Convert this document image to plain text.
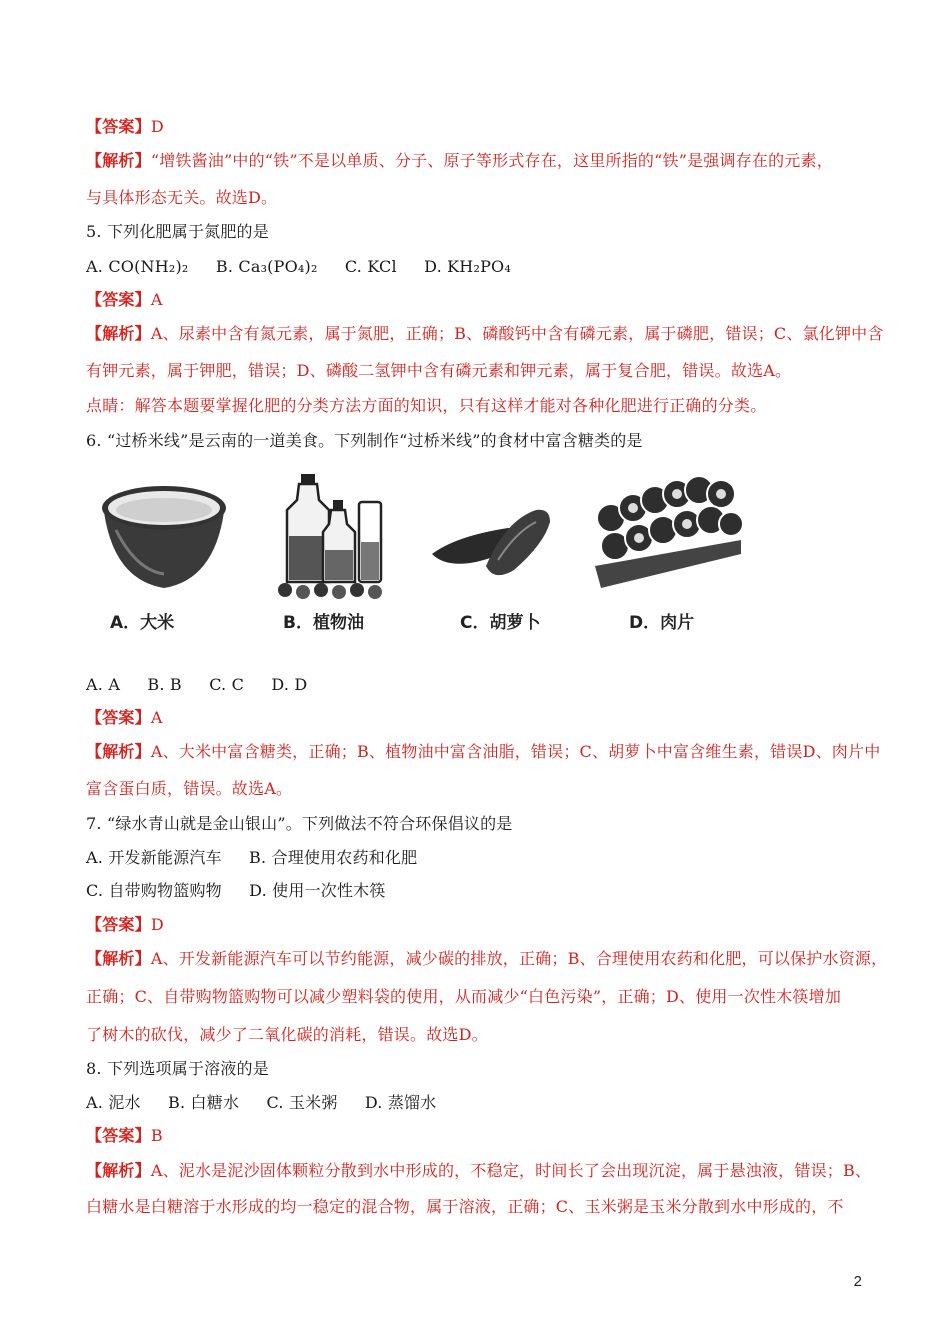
【答案】D
【解析】“增铁酱油”中的“铁”不是以单质、分子、原子等形式存在，这里所指的“铁”是强调存在的元素，
与具体形态无关。故选D。
5. 下列化肥属于氮肥的是
A. CO(NH₂)₂ B. Ca₃(PO₄)₂ C. KCl D. KH₂PO₄
【答案】A
【解析】A、尿素中含有氮元素，属于氮肥，正确；B、磷酸钙中含有磷元素，属于磷肥，错误；C、氯化钾中含
有钾元素，属于钾肥，错误；D、磷酸二氢钾中含有磷元素和钾元素，属于复合肥，错误。故选A。
点睛：解答本题要掌握化肥的分类方法方面的知识，只有这样才能对各种化肥进行正确的分类。
6. “过桥米线”是云南的一道美食。下列制作“过桥米线”的食材中富含糖类的是
A．大米	B．植物油	C．胡萝卜	D．肉片
A. A B. B C. C D. D
【答案】A
【解析】A、大米中富含糖类，正确；B、植物油中富含油脂，错误；C、胡萝卜中富含维生素，错误D、肉片中
富含蛋白质，错误。故选A。
7. “绿水青山就是金山银山”。下列做法不符合环保倡议的是
A. 开发新能源汽车 B. 合理使用农药和化肥
C. 自带购物篮购物 D. 使用一次性木筷
【答案】D
【解析】A、开发新能源汽车可以节约能源，减少碳的排放，正确；B、合理使用农药和化肥，可以保护水资源，
正确；C、自带购物篮购物可以减少塑料袋的使用，从而减少“白色污染”，正确；D、使用一次性木筷增加
了树木的砍伐，减少了二氧化碳的消耗，错误。故选D。
8. 下列选项属于溶液的是
A. 泥水 B. 白糖水 C. 玉米粥 D. 蒸馏水
【答案】B
【解析】A、泥水是泥沙固体颗粒分散到水中形成的，不稳定，时间长了会出现沉淀，属于悬浊液，错误；B、
白糖水是白糖溶于水形成的均一稳定的混合物，属于溶液，正确；C、玉米粥是玉米分散到水中形成的，不
2
